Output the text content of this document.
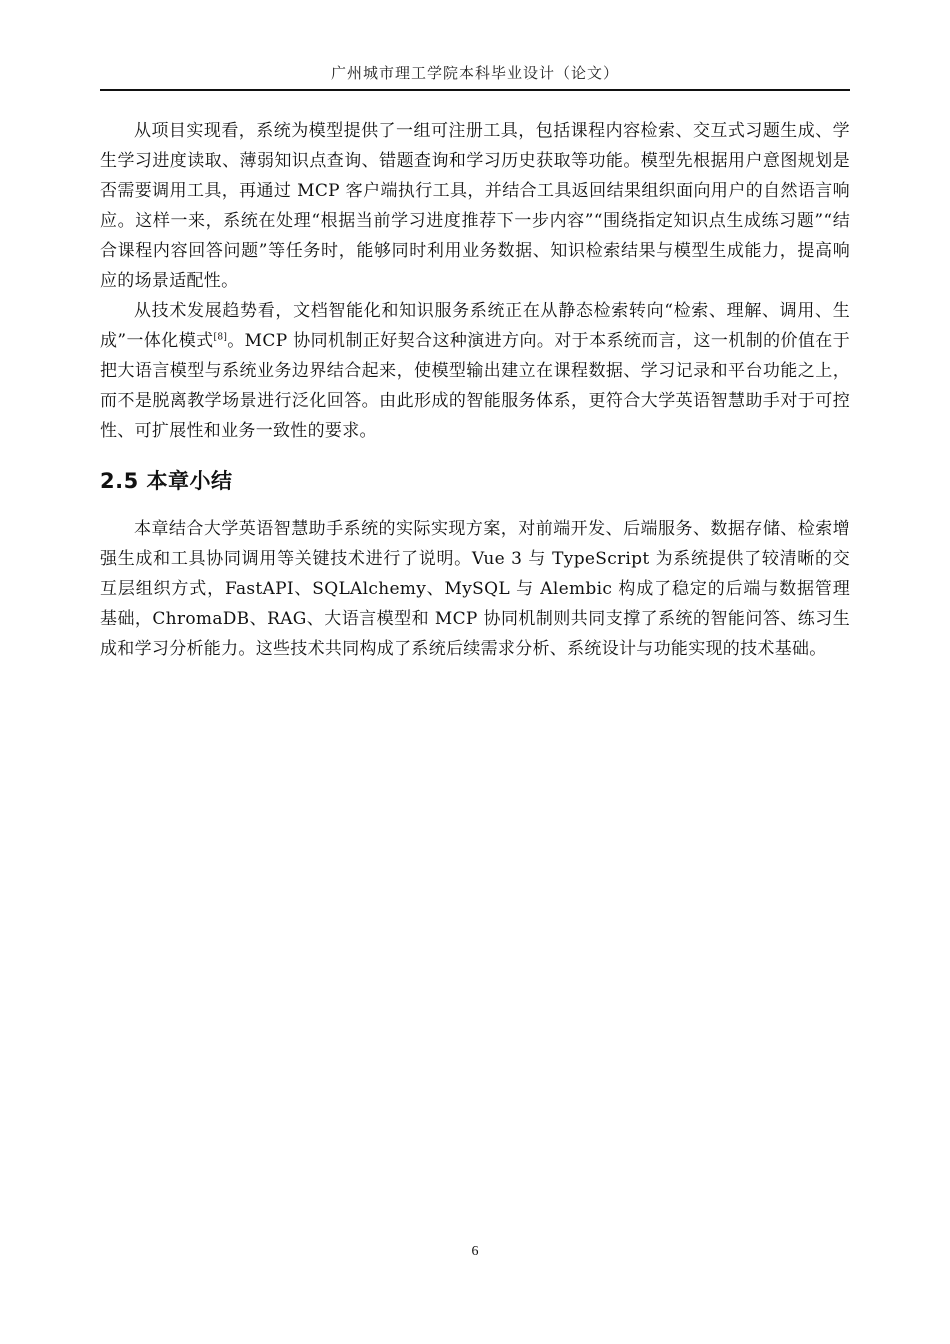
广州城市理工学院本科毕业设计（论文）

从项目实现看，系统为模型提供了一组可注册工具，包括课程内容检索、交互式习题生成、学生学习进度读取、薄弱知识点查询、错题查询和学习历史获取等功能。模型先根据用户意图规划是否需要调用工具，再通过 MCP 客户端执行工具，并结合工具返回结果组织面向用户的自然语言响应。这样一来，系统在处理“根据当前学习进度推荐下一步内容”“围绕指定知识点生成练习题”“结合课程内容回答问题”等任务时，能够同时利用业务数据、知识检索结果与模型生成能力，提高响应的场景适配性。

从技术发展趋势看，文档智能化和知识服务系统正在从静态检索转向“检索、理解、调用、生成”一体化模式[8]。MCP 协同机制正好契合这种演进方向。对于本系统而言，这一机制的价值在于把大语言模型与系统业务边界结合起来，使模型输出建立在课程数据、学习记录和平台功能之上，而不是脱离教学场景进行泛化回答。由此形成的智能服务体系，更符合大学英语智慧助手对于可控性、可扩展性和业务一致性的要求。

2.5 本章小结

本章结合大学英语智慧助手系统的实际实现方案，对前端开发、后端服务、数据存储、检索增强生成和工具协同调用等关键技术进行了说明。Vue 3 与 TypeScript 为系统提供了较清晰的交互层组织方式，FastAPI、SQLAlchemy、MySQL 与 Alembic 构成了稳定的后端与数据管理基础，ChromaDB、RAG、大语言模型和 MCP 协同机制则共同支撑了系统的智能问答、练习生成和学习分析能力。这些技术共同构成了系统后续需求分析、系统设计与功能实现的技术基础。

6
